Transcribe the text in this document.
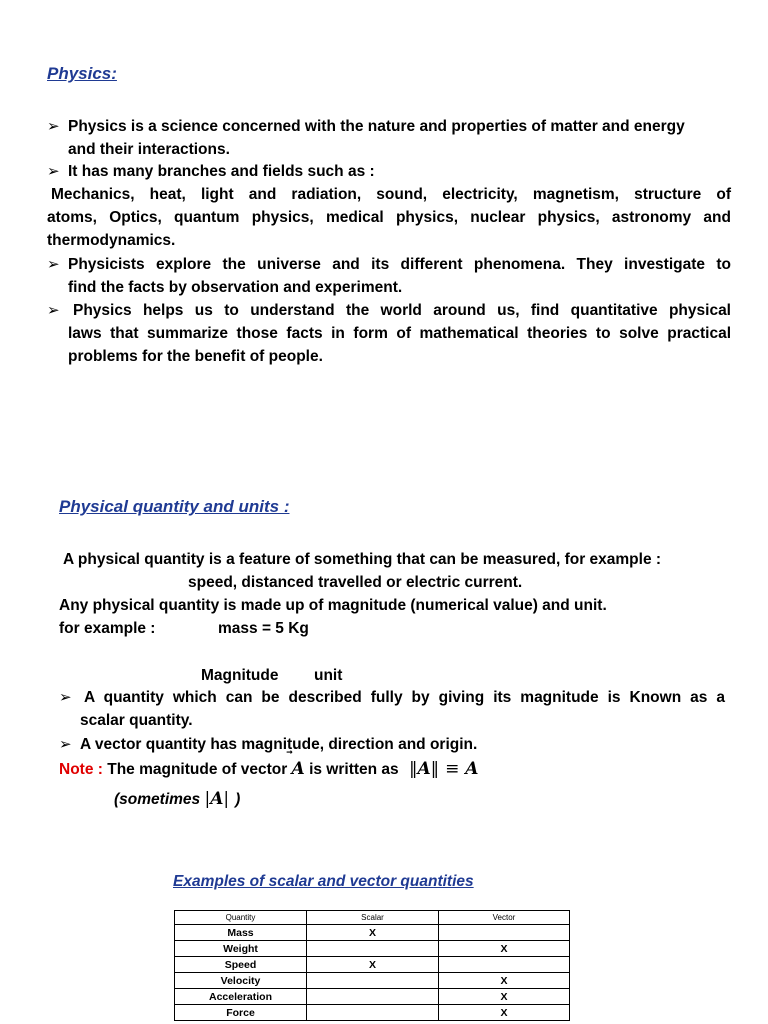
Physics:
➢ Physics is a science concerned with the nature and properties of matter and energy
and their interactions.
➢ It has many branches and fields such as :
Mechanics, heat, light and radiation, sound, electricity, magnetism, structure of
atoms, Optics, quantum physics, medical physics, nuclear physics, astronomy and
thermodynamics.
➢ Physicists explore the universe and its different phenomena. They investigate to
find the facts by observation and experiment.
➢ Physics helps us to understand the world around us, find quantitative physical
laws that summarize those facts in form of mathematical theories to solve practical
problems for the benefit of people.
Physical quantity and units :
A physical quantity is a feature of something that can be measured, for example :
speed, distanced travelled or electric current.
Any physical quantity is made up of magnitude (numerical value) and unit.
for example :	mass = 5 Kg
Magnitude unit
➢ A quantity which can be described fully by giving its magnitude is Known as a
scalar quantity.
➢ A vector quantity has magnitude, direction and origin.
Note : The magnitude of vector A is written as ‖A‖ ≡ A
(sometimes |A| )
Examples of scalar and vector quantities
Quantity	Scalar	Vector
Mass	X	
Weight		X
Speed	X	
Velocity		X
Acceleration		X
Force		X
